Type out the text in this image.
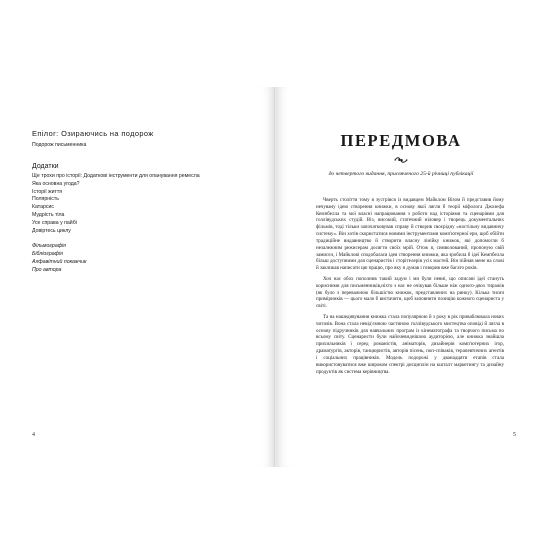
Епілог: Озираючись на подорож

Подорож письменника

Додатки

Ще трохи про історії: Додаткові інструменти для опанування ремесла

Яка основна угода?

Історії життя

Полярність

Катарсис

Мудрість тіла

Усе справа у пайбі

Довіртесь циклу

Фільмографія

Бібліографія

Алфавітний покажчик

Про автора

4
ПЕРЕДМОВА

до четвертого видання, присвяченого 25-й річниці публікації

Чверть століття тому я зустрівся із видавцем Майклом Візом й представив йому нечувану ідею створення книжки, в основу якої лягли б теорії міфолога Джозефа Кемпбелла та мої власні напрацювання з роботи над історіями та сценаріями для голлівудських студій. Віз, високий, статечний ніловер і творець документальних фільмів, тоді тільки започатковував справу й створив своєрідну «настільну видавничу систему». Він хотів скористатися новими інструментами комп'ютерної ери, щоб обійти традиційне видавництво й створити власну лінійку книжок, які допомогли б незалежним режисерам досягти своїх мрій. Отож я, символований, пропоную свій замисел, і Майклові сподобалася ідея створення книжки, яка зробила б ідеї Кемпбелла більш доступними для сценаристів і сторітелерів усіх мастей. Він пійнав мене на слові й закликав написати цю працю, про яку я думав і говорив вже багато років.

Хоч нас обох пополнив такий задум і ми були певні, що описані ідеї стануть корисними для письменників,ніхто з нас не очікував більше ніж одного-двох тиражів (як було з переважною більшістю книжок, представлених на ринку). Кілька тисяч примірників — цього мало б вистачити, щоб заповнити позицію кожного сценариста у світі.

Та на нашедивування книжка стала популярною й з року в рік приваблювала нових читачів. Вона стала невід'ємною частиною голлівудського мистецтва оповіді й лягла в основу підручників для навчальних програм із кінематографа та творчого письма по всьому світу. Сценаристи були найочевиднішою аудиторією, але книжка знайшла прихильників і серед романістів, аніматорів, дизайнерів комп'ютерних ігор, драматургів, акторів, танцюристів, авторів пісень, поп-співаків, терапевтичних агентів і соціальних працівників. Модель подорожі у дванадцяти етапів стала використовуватися вже широком спектрі дисциплін на кшталт маркетингу та дизайну продуктів як система керівництва.

5
